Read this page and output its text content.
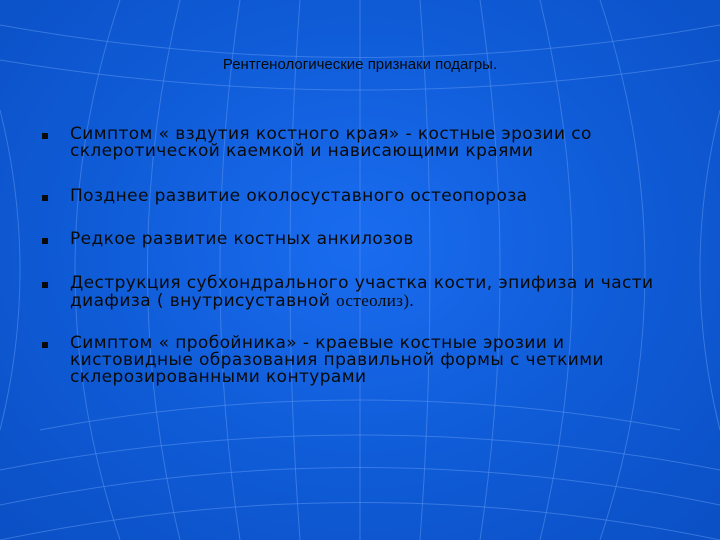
Рентгенологические признаки подагры.
Симптом « вздутия костного края» - костные эрозии со склеротической каемкой и нависающими краями
Позднее развитие околосуставного остеопороза
Редкое развитие костных анкилозов
Деструкция субхондрального участка кости, эпифиза и части диафиза ( внутрисуставной остеолиз).
Симптом « пробойника» - краевые костные эрозии и кистовидные образования правильной формы с четкими склерозированными контурами
